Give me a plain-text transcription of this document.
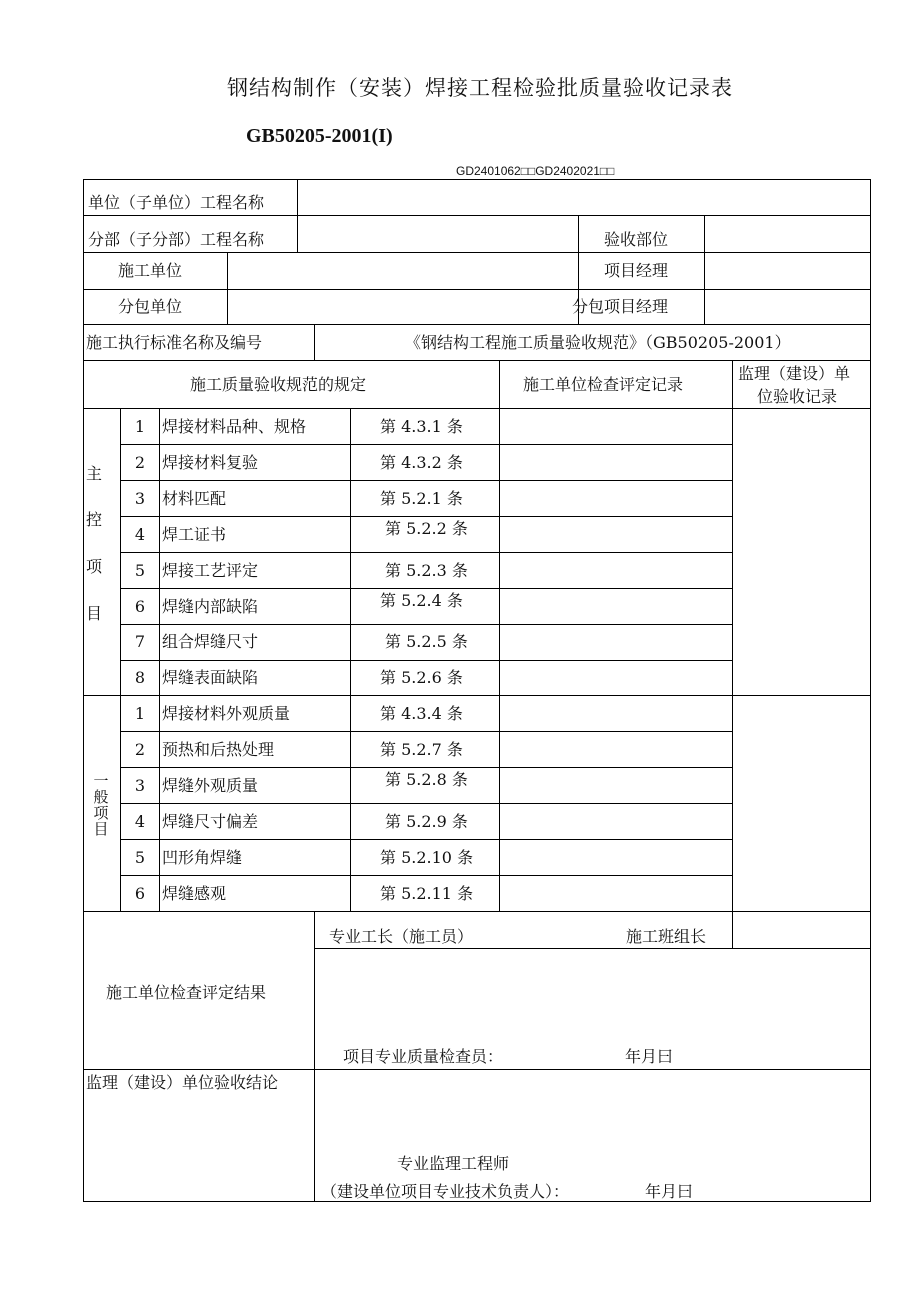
钢结构制作（安装）焊接工程检验批质量验收记录表
GB50205-2001(I)
GD2401062□□GD2402021□□
单位（子单位）工程名称
分部（子分部）工程名称	验收部位
施工单位	项目经理
分包单位	分包项目经理
施工执行标准名称及编号	《钢结构工程施工质量验收规范》（GB50205-2001）
施工质量验收规范的规定	施工单位检查评定记录
监理（建设）单
位验收记录
主
控
项
目
1	焊接材料品种、规格	第 4.3.1 条
2	焊接材料复验	第 4.3.2 条
3	材料匹配	第 5.2.1 条
4	焊工证书	第 5.2.2 条
5	焊接工艺评定	第 5.2.3 条
6	焊缝内部缺陷	第 5.2.4 条
7	组合焊缝尺寸	第 5.2.5 条
8	焊缝表面缺陷	第 5.2.6 条
一
般
项
目
1	焊接材料外观质量	第 4.3.4 条
2	预热和后热处理	第 5.2.7 条
3	焊缝外观质量	第 5.2.8 条
4	焊缝尺寸偏差	第 5.2.9 条
5	凹形角焊缝	第 5.2.10 条
6	焊缝感观	第 5.2.11 条
专业工长（施工员）	施工班组长
施工单位检查评定结果
项目专业质量检查员：	年月曰
监理（建设）单位验收结论
专业监理工程师
（建设单位项目专业技术负责人）：	年月曰
